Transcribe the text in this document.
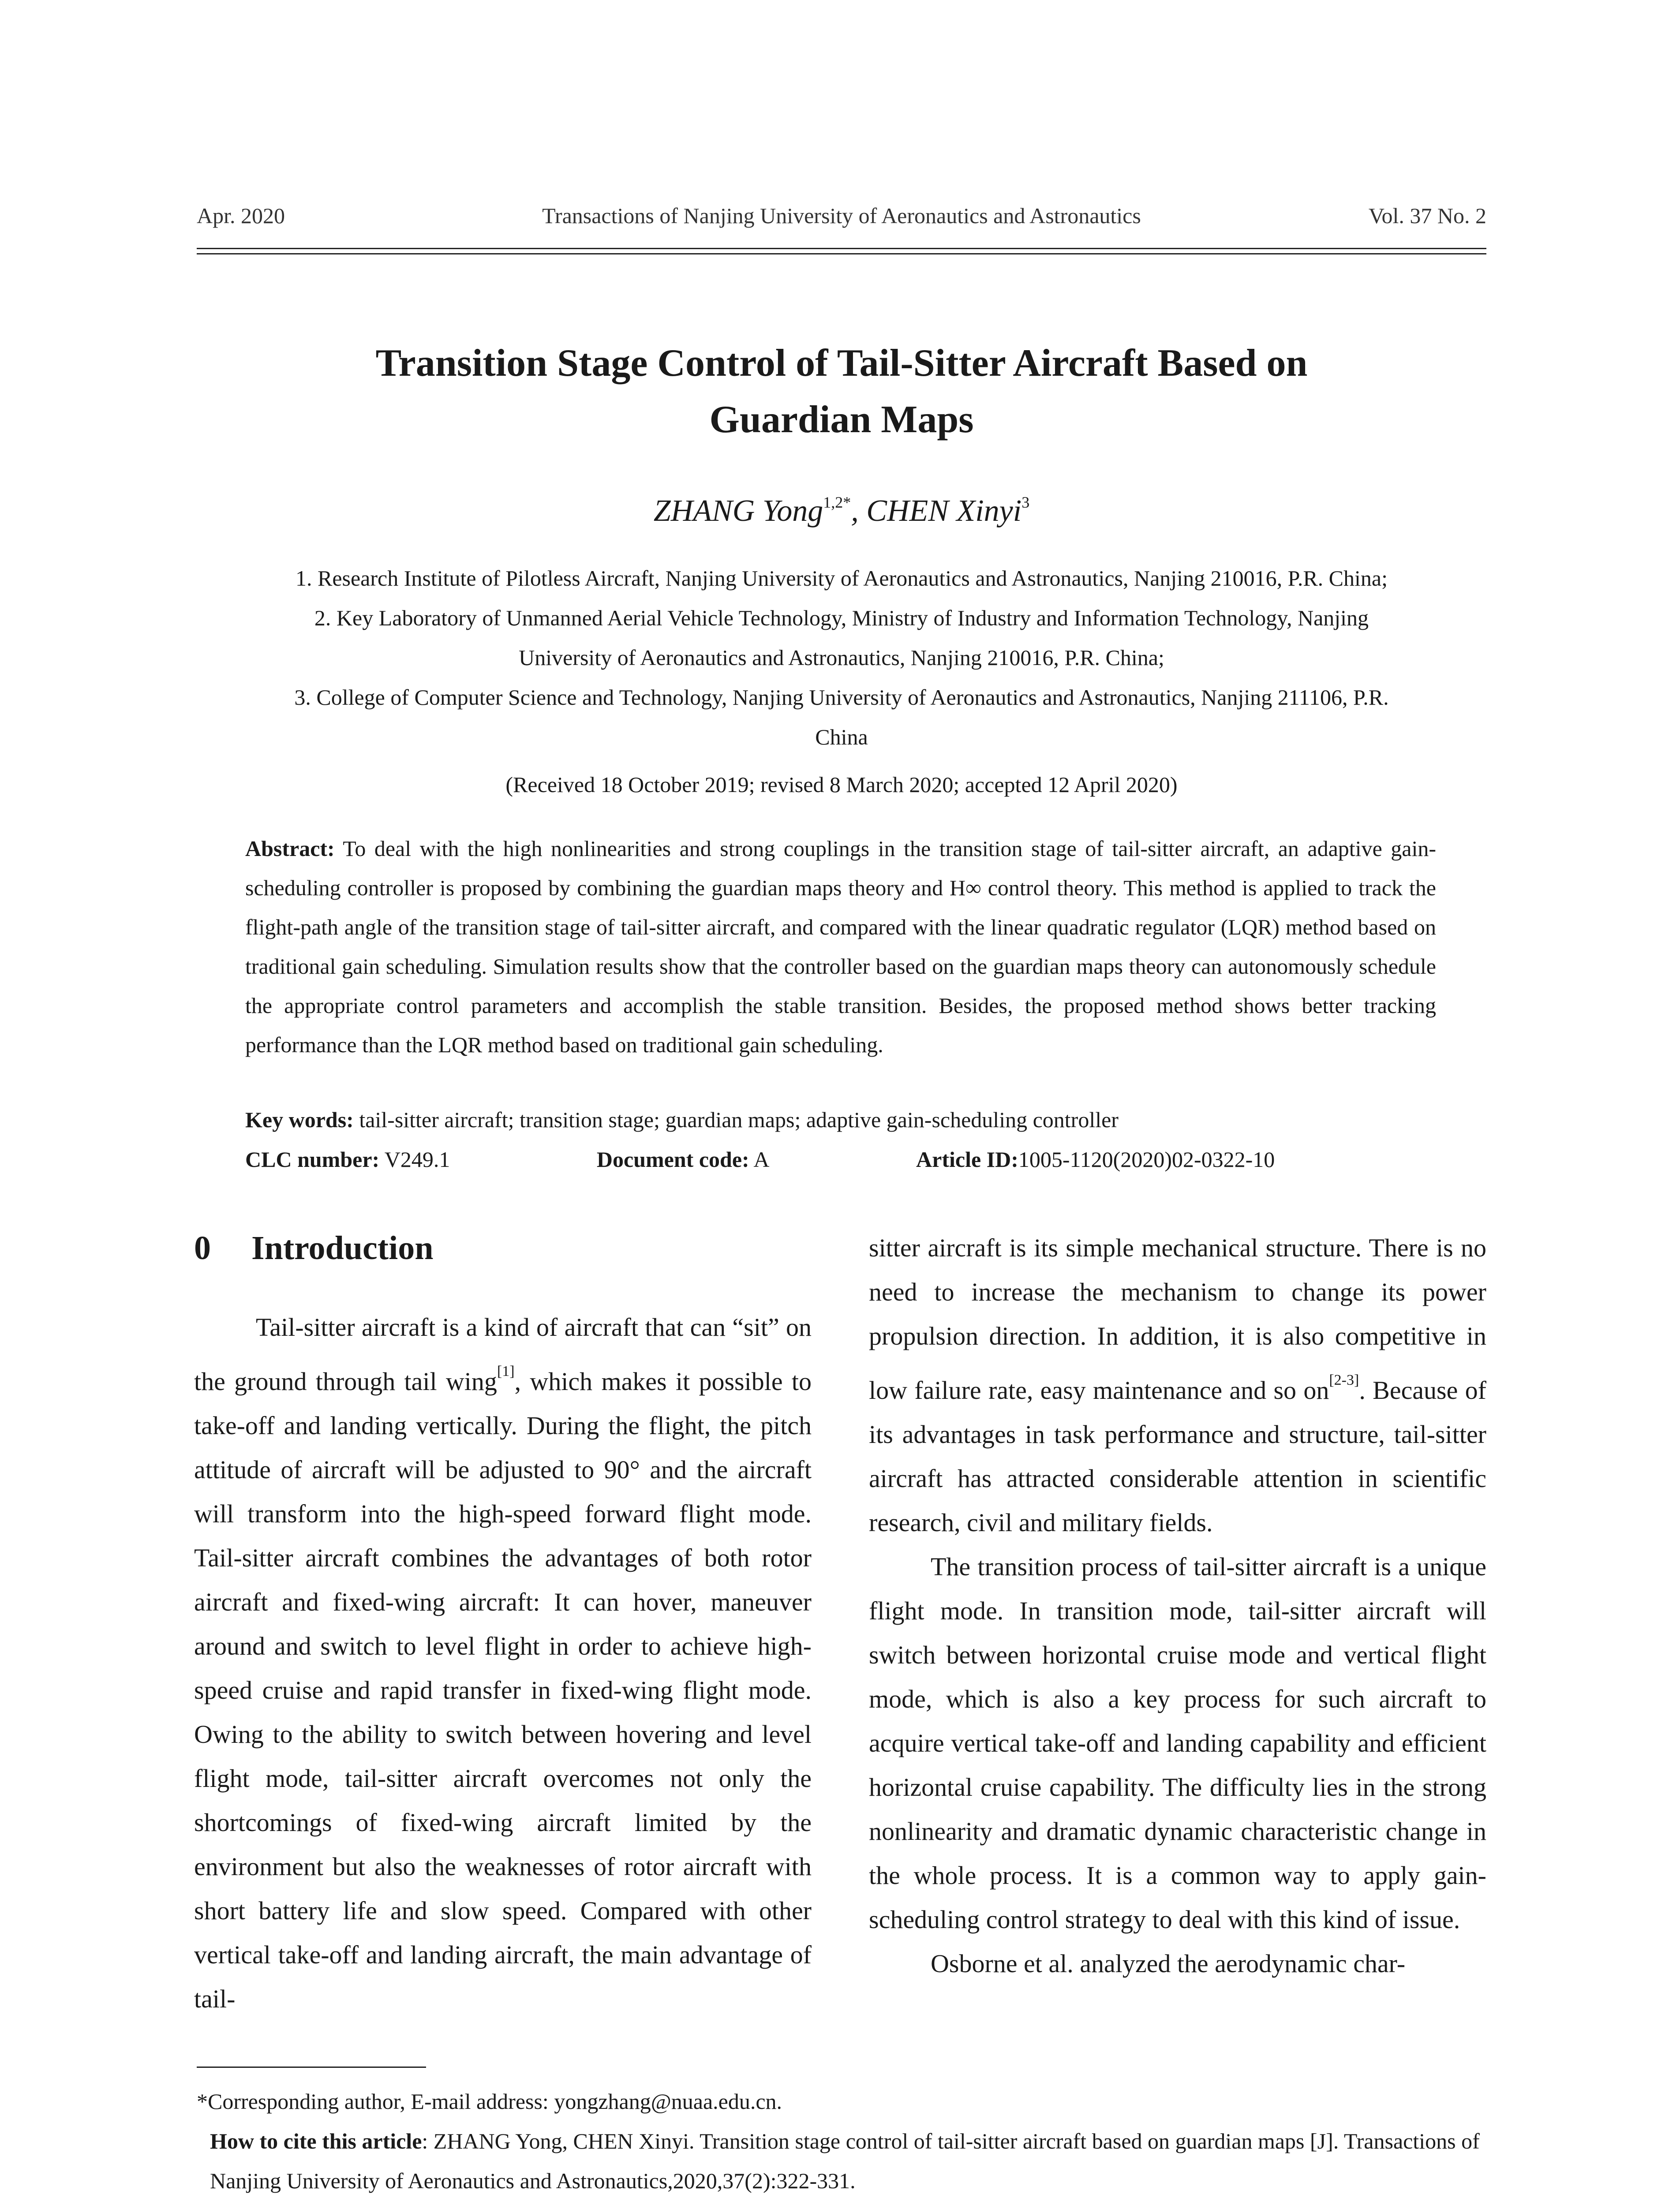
Apr. 2020	Transactions of Nanjing University of Aeronautics and Astronautics	Vol. 37 No. 2
Transition Stage Control of Tail-Sitter Aircraft Based on
Guardian Maps
ZHANG Yong$^{1,2*}$, CHEN Xinyi$^3$

1. Research Institute of Pilotless Aircraft, Nanjing University of Aeronautics and Astronautics, Nanjing 210016, P.R. China;

2. Key Laboratory of Unmanned Aerial Vehicle Technology, Ministry of Industry and Information Technology, Nanjing

University of Aeronautics and Astronautics, Nanjing 210016, P.R. China;

3. College of Computer Science and Technology, Nanjing University of Aeronautics and Astronautics, Nanjing 211106, P.R.

China

(Received 18 October 2019; revised 8 March 2020; accepted 12 April 2020)
Abstract: To deal with the high nonlinearities and strong couplings in the transition stage of tail-sitter aircraft, an adaptive gain-scheduling controller is proposed by combining the guardian maps theory and H∞ control theory. This method is applied to track the flight-path angle of the transition stage of tail-sitter aircraft, and compared with the linear quadratic regulator (LQR) method based on traditional gain scheduling. Simulation results show that the controller based on the guardian maps theory can autonomously schedule the appropriate control parameters and accomplish the stable transition. Besides, the proposed method shows better tracking performance than the LQR method based on traditional gain scheduling.
Key words: tail-sitter aircraft; transition stage; guardian maps; adaptive gain-scheduling controller
CLC number: V249.1	Document code: A	Article ID:1005-1120(2020)02-0322-10
0 Introduction

Tail-sitter aircraft is a kind of aircraft that can “sit” on the ground through tail wing[1], which makes it possible to take-off and landing vertically. During the flight, the pitch attitude of aircraft will be adjusted to 90° and the aircraft will transform into the high-speed forward flight mode. Tail-sitter aircraft combines the advantages of both rotor aircraft and fixed-wing aircraft: It can hover, maneuver around and switch to level flight in order to achieve high-speed cruise and rapid transfer in fixed-wing flight mode. Owing to the ability to switch between hovering and level flight mode, tail-sitter aircraft overcomes not only the shortcomings of fixed-wing aircraft limited by the environment but also the weaknesses of rotor aircraft with short battery life and slow speed. Compared with other vertical take-off and landing aircraft, the main advantage of tail-

sitter aircraft is its simple mechanical structure. There is no need to increase the mechanism to change its power propulsion direction. In addition, it is also competitive in low failure rate, easy maintenance and so on[2-3]. Because of its advantages in task performance and structure, tail-sitter aircraft has attracted considerable attention in scientific research, civil and military fields.

The transition process of tail-sitter aircraft is a unique flight mode. In transition mode, tail-sitter aircraft will switch between horizontal cruise mode and vertical flight mode, which is also a key process for such aircraft to acquire vertical take-off and landing capability and efficient horizontal cruise capability. The difficulty lies in the strong nonlinearity and dramatic dynamic characteristic change in the whole process. It is a common way to apply gain-scheduling control strategy to deal with this kind of issue.

Osborne et al. analyzed the aerodynamic char-

*Corresponding author, E-mail address: yongzhang@nuaa.edu.cn.

How to cite this article: ZHANG Yong, CHEN Xinyi. Transition stage control of tail-sitter aircraft based on guardian maps [J]. Transactions of Nanjing University of Aeronautics and Astronautics,2020,37(2):322-331.
